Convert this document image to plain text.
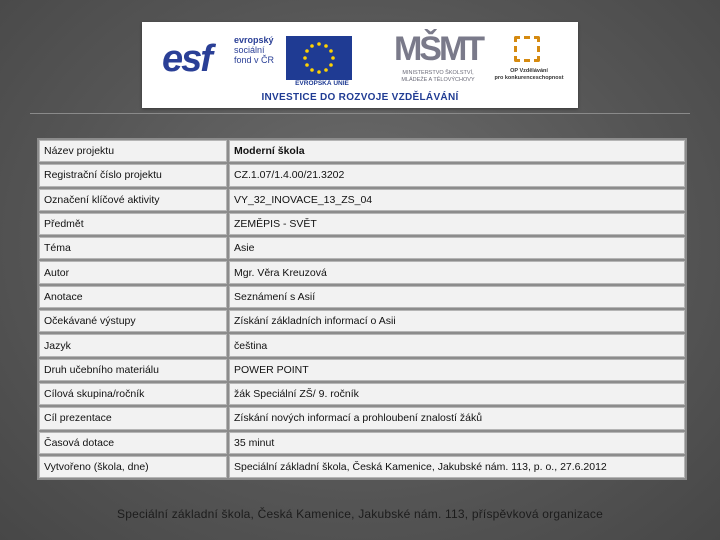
esf	evropský
sociální
fond v ČR
EVROPSKÁ UNIE
MŠMT
MINISTERSTVO ŠKOLSTVÍ,
MLÁDEŽE A TĚLOVÝCHOVY
OP Vzdělávání
pro konkurenceschopnost
INVESTICE DO ROZVOJE VZDĚLÁVÁNÍ
Název projektu	Moderní škola
Registrační číslo projektu	CZ.1.07/1.4.00/21.3202
Označení klíčové aktivity	VY_32_INOVACE_13_ZS_04
Předmět	ZEMĚPIS - SVĚT
Téma	Asie
Autor	Mgr. Věra Kreuzová
Anotace	Seznámení s Asií
Očekávané výstupy	Získání základních informací o Asii
Jazyk	čeština
Druh učebního materiálu	POWER POINT
Cílová skupina/ročník	žák Speciální ZŠ/ 9. ročník
Cíl prezentace	Získání nových informací a prohloubení znalostí žáků
Časová dotace	35 minut
Vytvořeno (škola, dne)	Speciální základní škola, Česká Kamenice, Jakubské nám. 113, p. o., 27.6.2012
Speciální základní škola, Česká Kamenice, Jakubské nám. 113, příspěvková organizace
